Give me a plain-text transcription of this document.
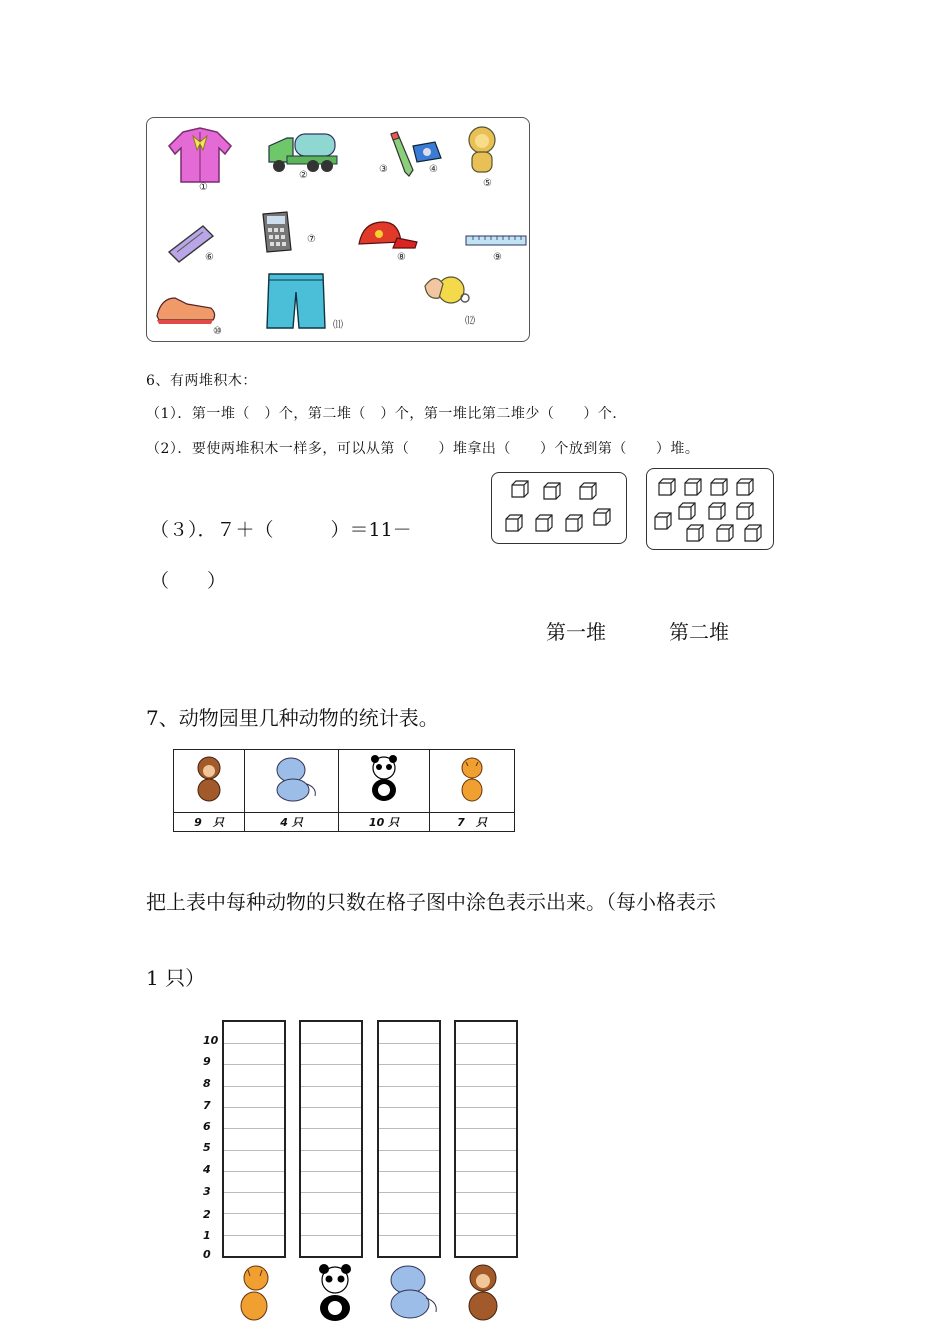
①
②
③	④
⑤
⑥
⑦
⑧	⑨
⑩
⑾	⑿
6、有两堆积木：
（1）．第一堆（　）个，第二堆（　）个，第一堆比第二堆少（　　）个．
（2）．要使两堆积木一样多，可以从第（　　）堆拿出（　　）个放到第（　　）堆。
（３）．７＋（　　　）＝11－
（　　）
第一堆	第二堆
7、动物园里几种动物的统计表。

9　只	4 只	10 只	7　只
把上表中每种动物的只数在格子图中涂色表示出来。（每小格表示
1 只）
10
9
8
7
6
5
4
3
2
1
0
